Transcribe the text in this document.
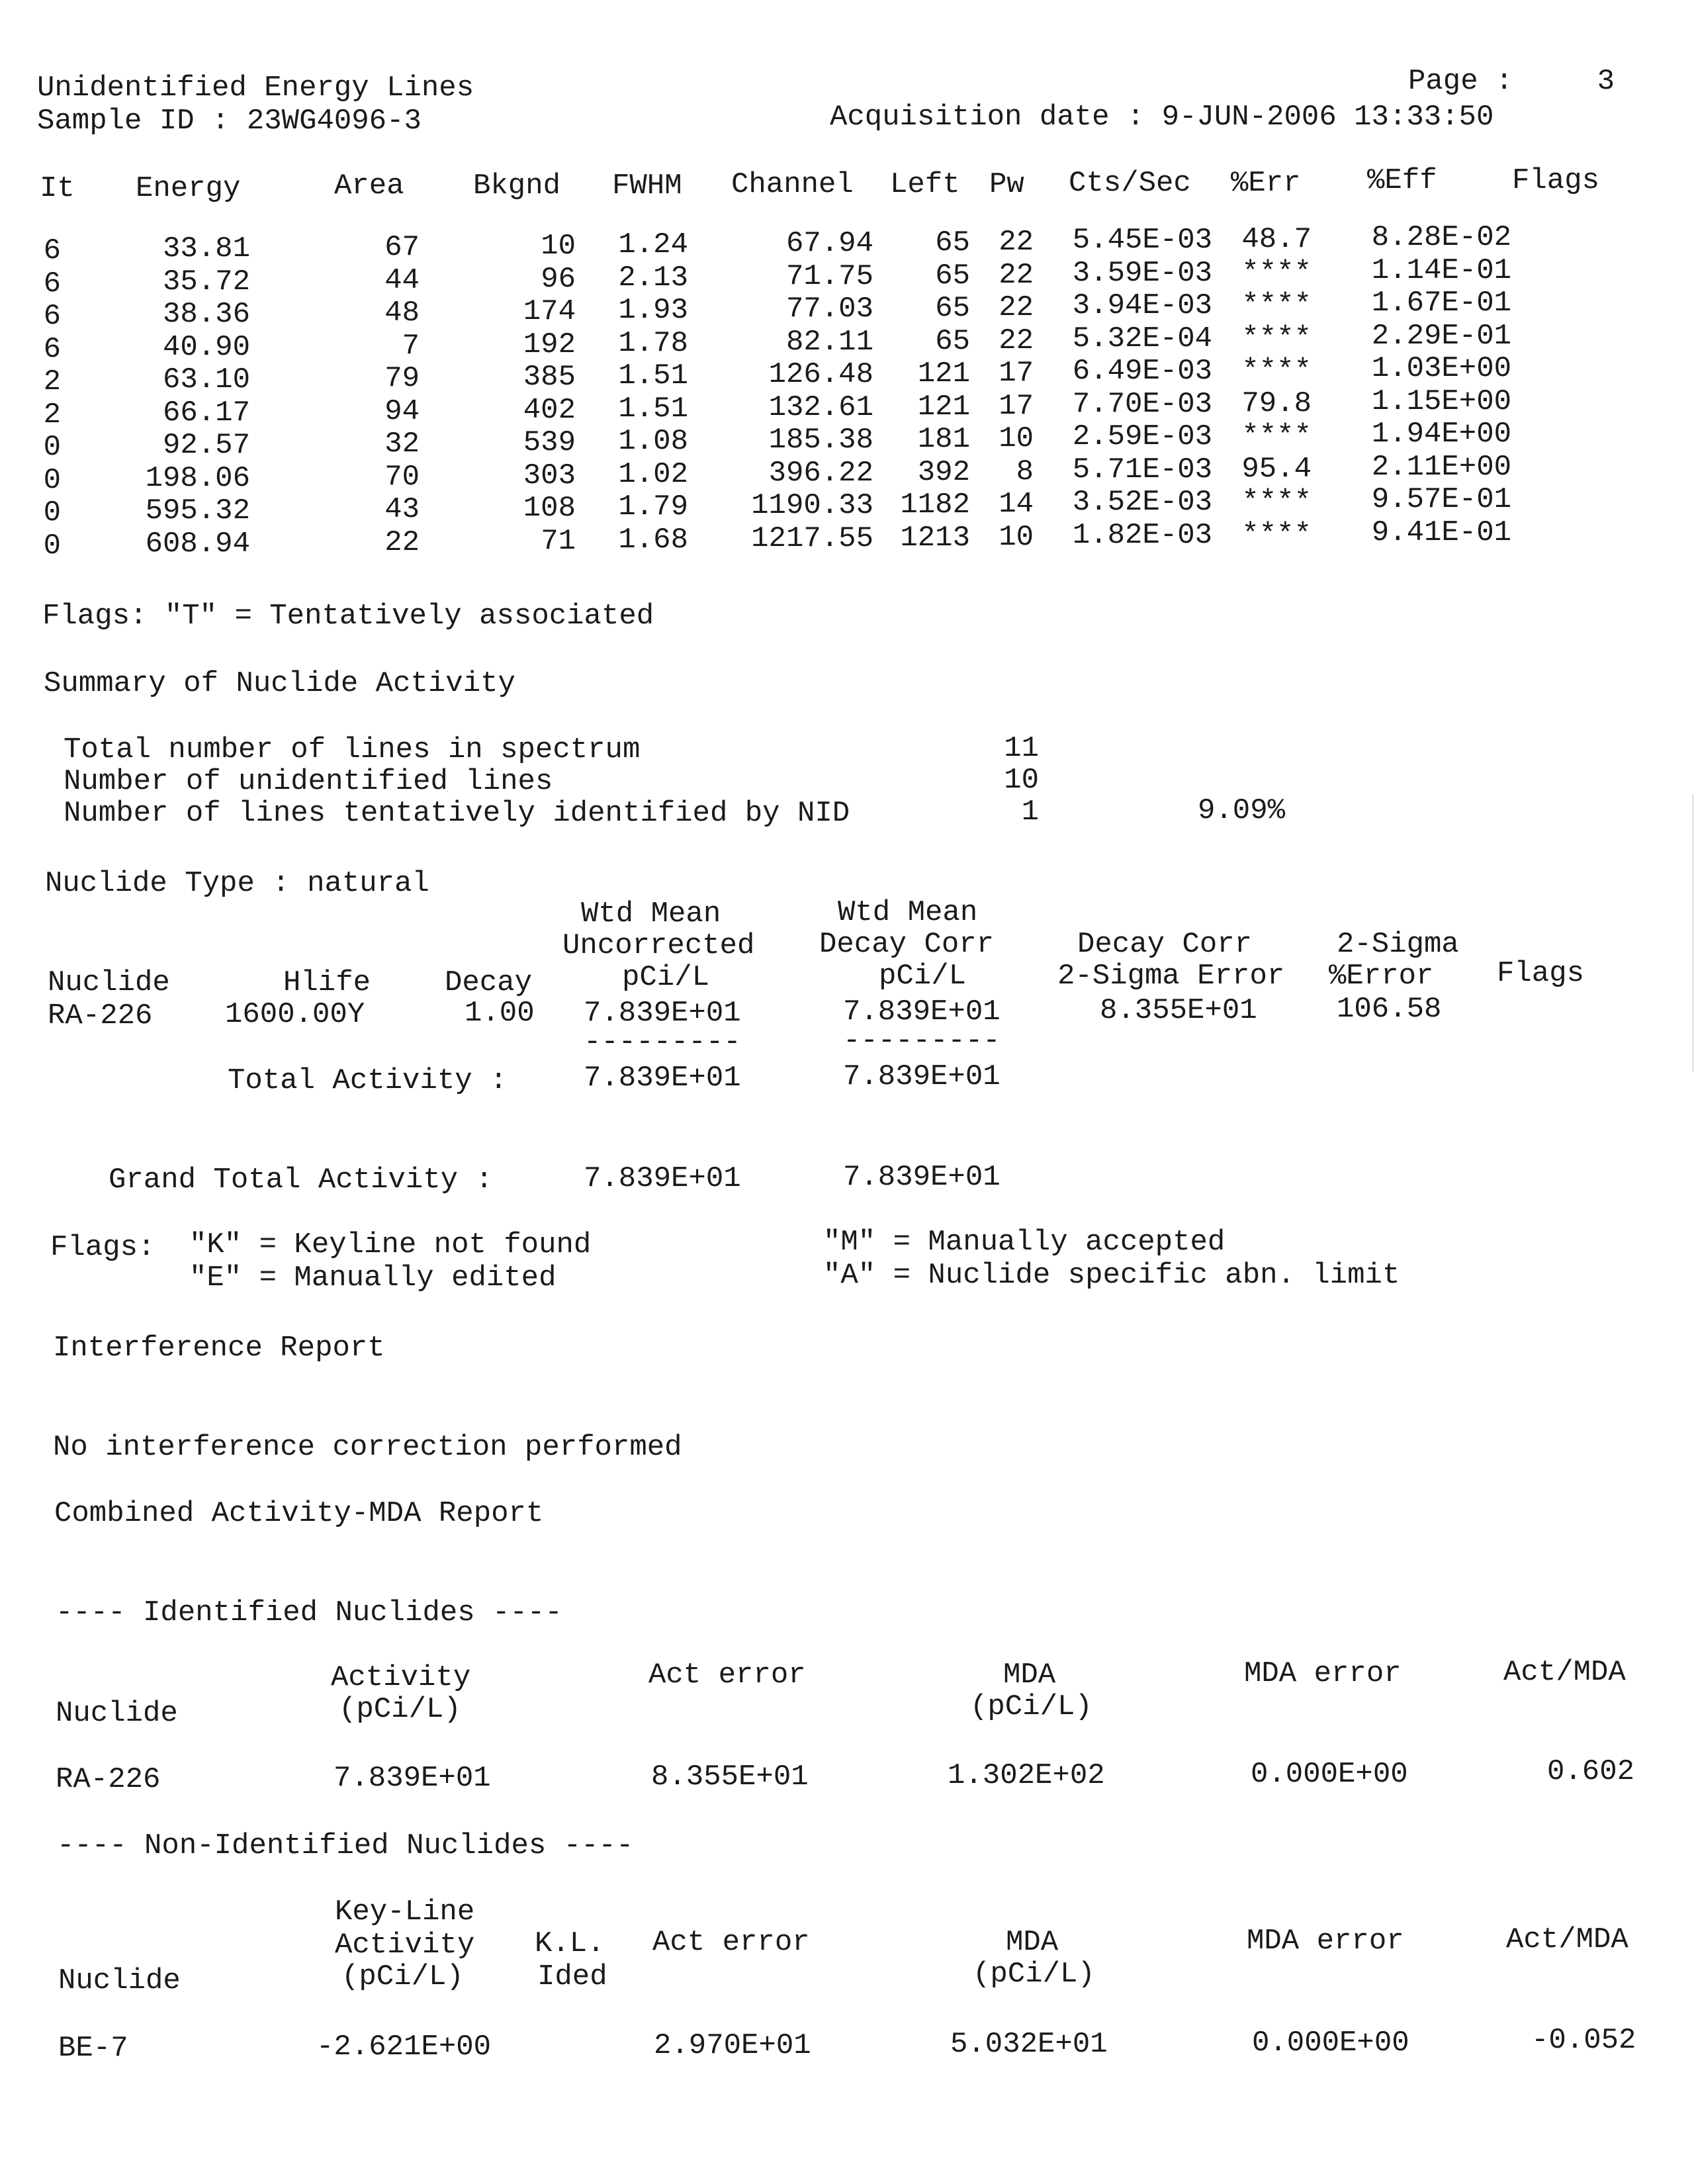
Unidentified Energy Lines
Sample ID : 23WG4096-3
Page :	3
Acquisition date : 9-JUN-2006 13:33:50
It Energy	Area Bkgnd FWHM Channel Left Pw Cts/Sec %Err %Eff	Flags
6	33.81	67	10	1.24	67.94	65 22	5.45E-03	48.7	8.28E-02
6	35.72	44	96	2.13	71.75	65 22	3.59E-03	****	1.14E-01
6	38.36	48	174	1.93	77.03	65 22	3.94E-03	****	1.67E-01
6	40.90	7	192	1.78	82.11	65 22	5.32E-04	****	2.29E-01
2	63.10	79	385	1.51	126.48	121 17	6.49E-03	****	1.03E+00
2	66.17	94	402	1.51	132.61	121 17	7.70E-03	79.8	1.15E+00
0	92.57	32	539	1.08	185.38	181 10	2.59E-03	****	1.94E+00
0	198.06	70	303	1.02	396.22	392	8	5.71E-03	95.4	2.11E+00
0	595.32	43	108	1.79	1190.33 1182 14	3.52E-03	****	9.57E-01
0	608.94	22	71	1.68	1217.55 1213 10	1.82E-03	****	9.41E-01
Flags: "T" = Tentatively associated
Summary of Nuclide Activity
Total number of lines in spectrum	11
Number of unidentified lines	10
Number of lines tentatively identified by NID	1	9.09%
Nuclide Type : natural
Wtd Mean	Wtd Mean
Uncorrected Decay Corr	Decay Corr	2-Sigma
Nuclide	Hlife	Decay	pCi/L	pCi/L	2-Sigma Error %Error Flags
RA-226 1600.00Y	1.00 7.839E+01	7.839E+01	8.355E+01	106.58
---------	---------
Total Activity :	7.839E+01	7.839E+01
Grand Total Activity :	7.839E+01	7.839E+01
Flags: "K" = Keyline not found
"E" = Manually edited
"M" = Manually accepted
"A" = Nuclide specific abn. limit
Interference Report
No interference correction performed
Combined Activity-MDA Report
---- Identified Nuclides ----
Activity	Act error	MDA	MDA error	Act/MDA
Nuclide	(pCi/L)	(pCi/L)
RA-226	7.839E+01	8.355E+01	1.302E+02	0.000E+00	0.602
---- Non-Identified Nuclides ----
Key-Line
Activity K.L. Act error	MDA	MDA error	Act/MDA
Nuclide	(pCi/L)	Ided	(pCi/L)
BE-7	-2.621E+00	2.970E+01	5.032E+01	0.000E+00	-0.052
